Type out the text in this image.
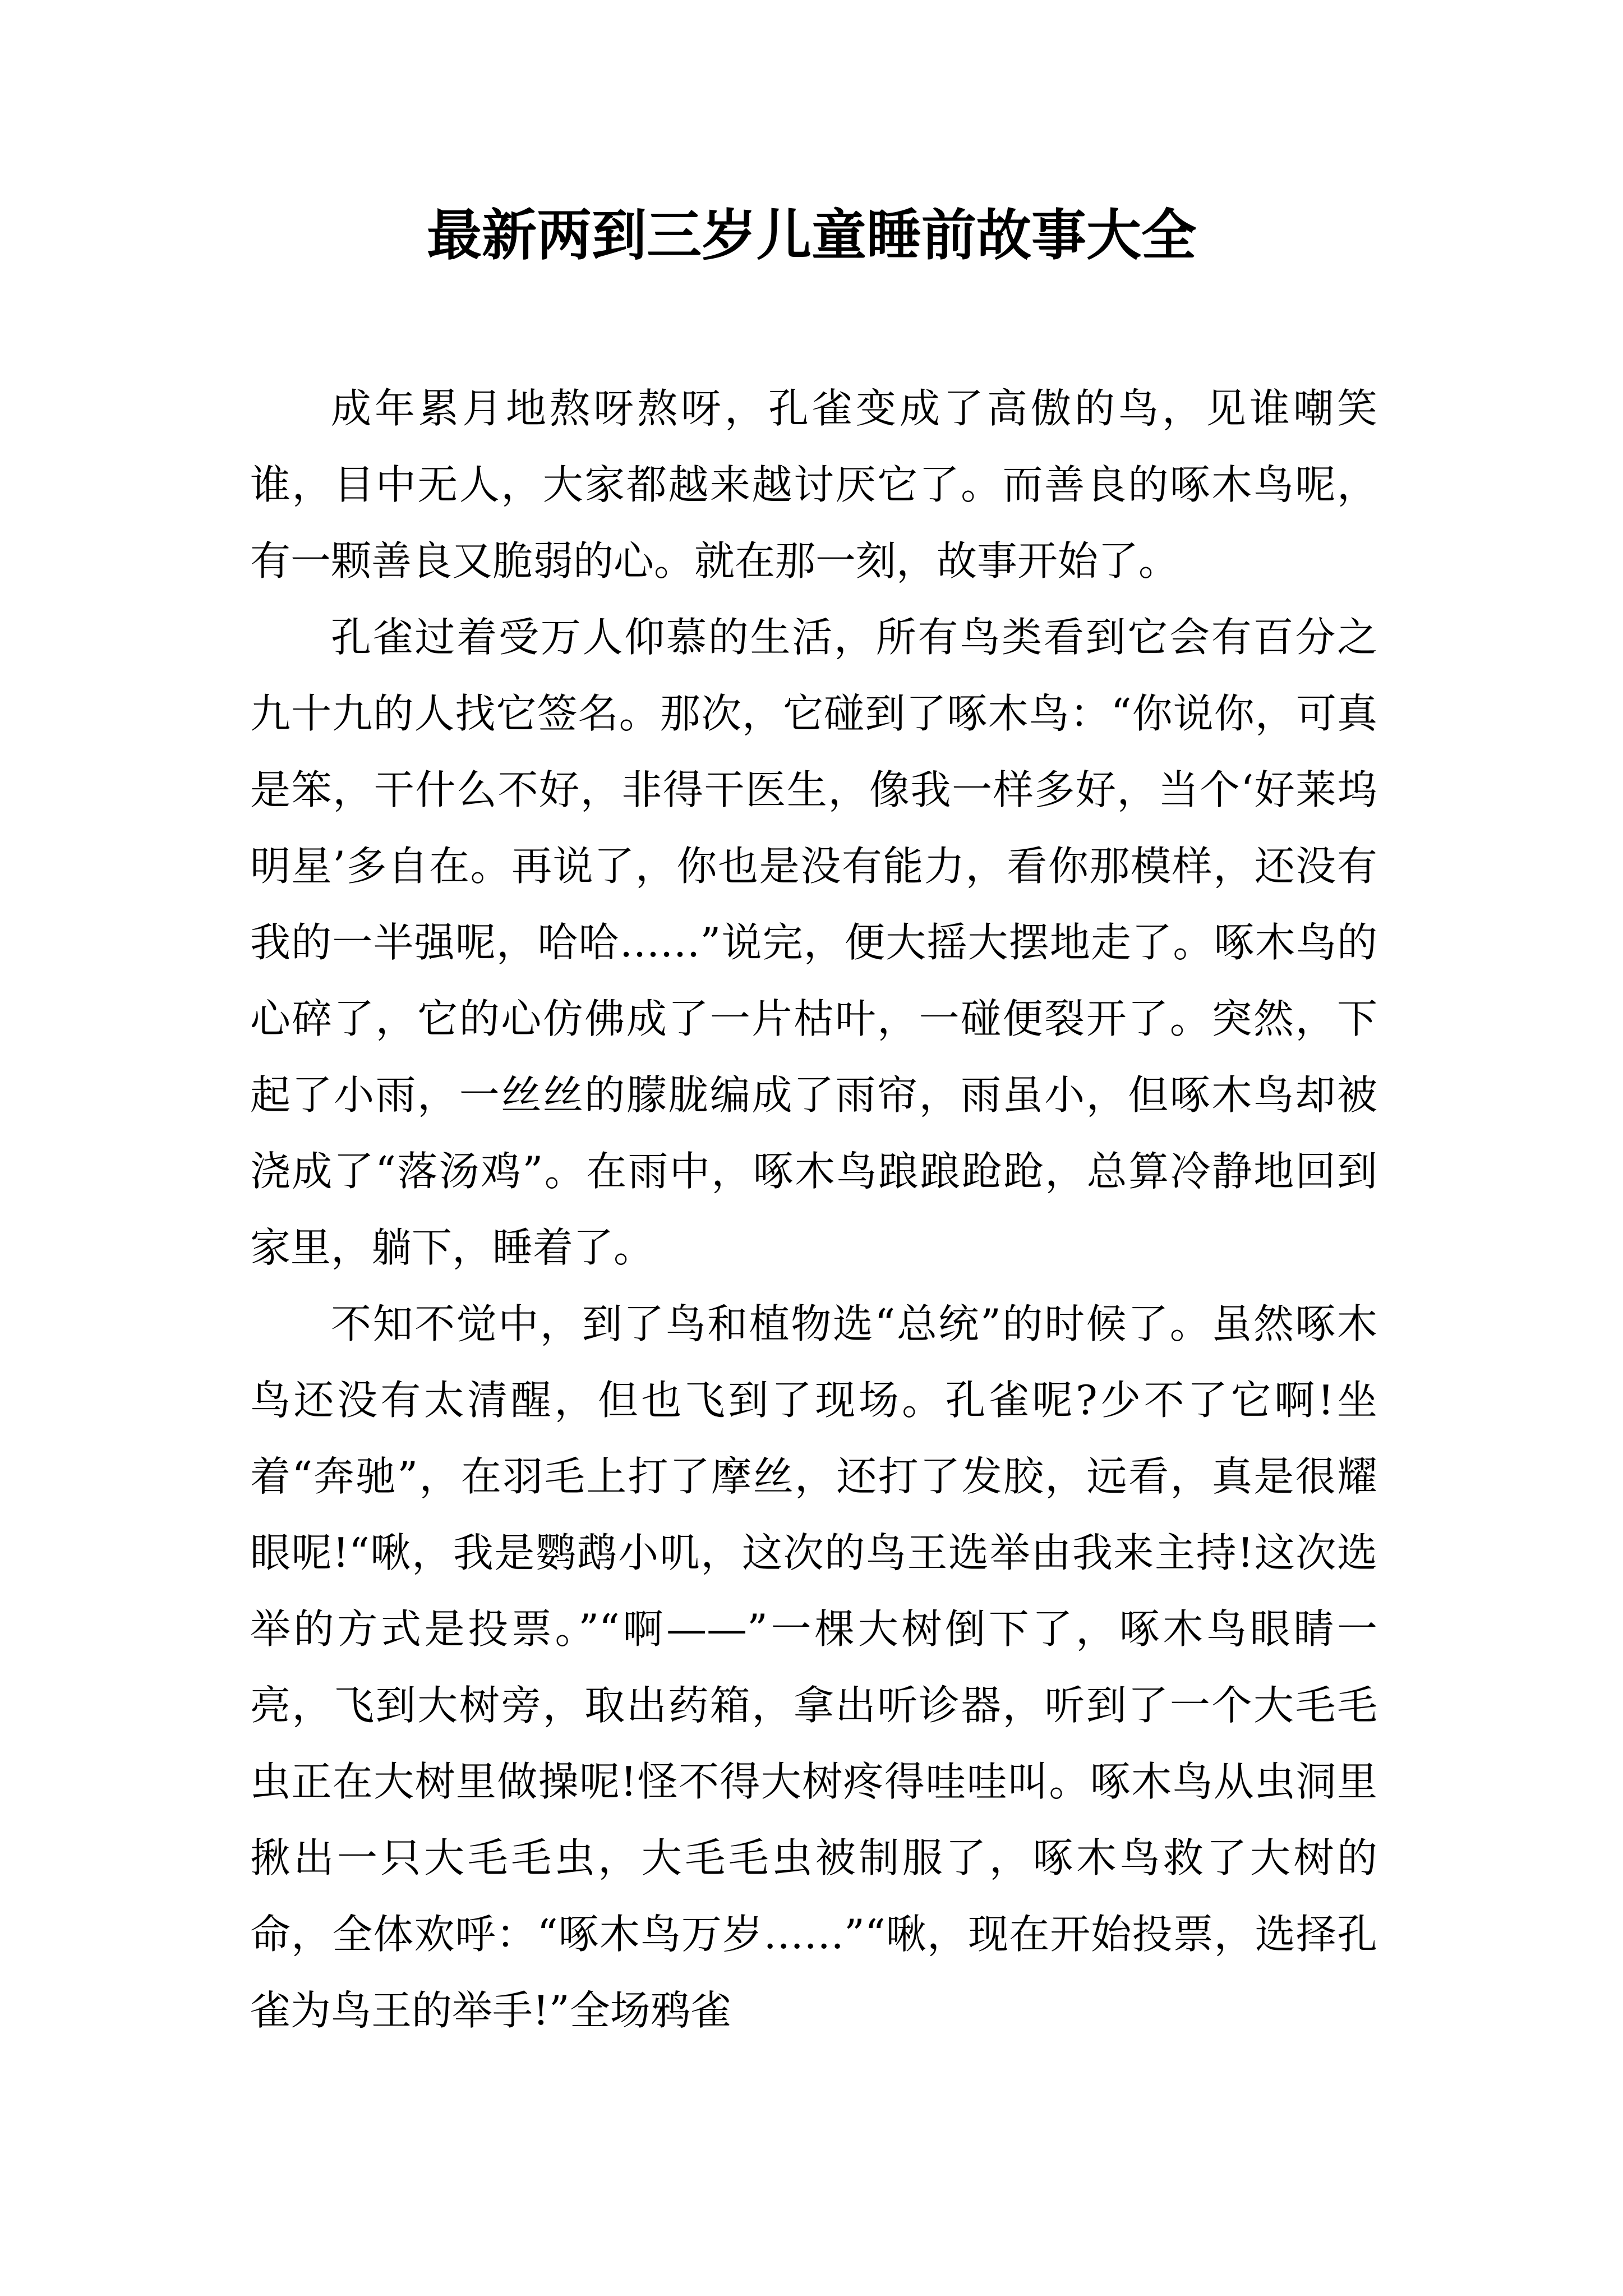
最新两到三岁儿童睡前故事大全

成年累月地熬呀熬呀，孔雀变成了高傲的鸟，见谁嘲笑谁，目中无人，大家都越来越讨厌它了。而善良的啄木鸟呢，有一颗善良又脆弱的心。就在那一刻，故事开始了。

孔雀过着受万人仰慕的生活，所有鸟类看到它会有百分之九十九的人找它签名。那次，它碰到了啄木鸟：“你说你，可真是笨，干什么不好，非得干医生，像我一样多好，当个‘好莱坞明星’多自在。再说了，你也是没有能力，看你那模样，还没有我的一半强呢，哈哈……”说完，便大摇大摆地走了。啄木鸟的心碎了，它的心仿佛成了一片枯叶，一碰便裂开了。突然，下起了小雨，一丝丝的朦胧编成了雨帘，雨虽小，但啄木鸟却被浇成了“落汤鸡”。在雨中，啄木鸟踉踉跄跄，总算冷静地回到家里，躺下，睡着了。

不知不觉中，到了鸟和植物选“总统”的时候了。虽然啄木鸟还没有太清醒，但也飞到了现场。孔雀呢?少不了它啊!坐着“奔驰”，在羽毛上打了摩丝，还打了发胶，远看，真是很耀眼呢!“啾，我是鹦鹉小叽，这次的鸟王选举由我来主持!这次选举的方式是投票。”“啊——”一棵大树倒下了，啄木鸟眼睛一亮，飞到大树旁，取出药箱，拿出听诊器，听到了一个大毛毛虫正在大树里做操呢!怪不得大树疼得哇哇叫。啄木鸟从虫洞里揪出一只大毛毛虫，大毛毛虫被制服了，啄木鸟救了大树的命，全体欢呼：“啄木鸟万岁……”“啾，现在开始投票，选择孔雀为鸟王的举手!”全场鸦雀
